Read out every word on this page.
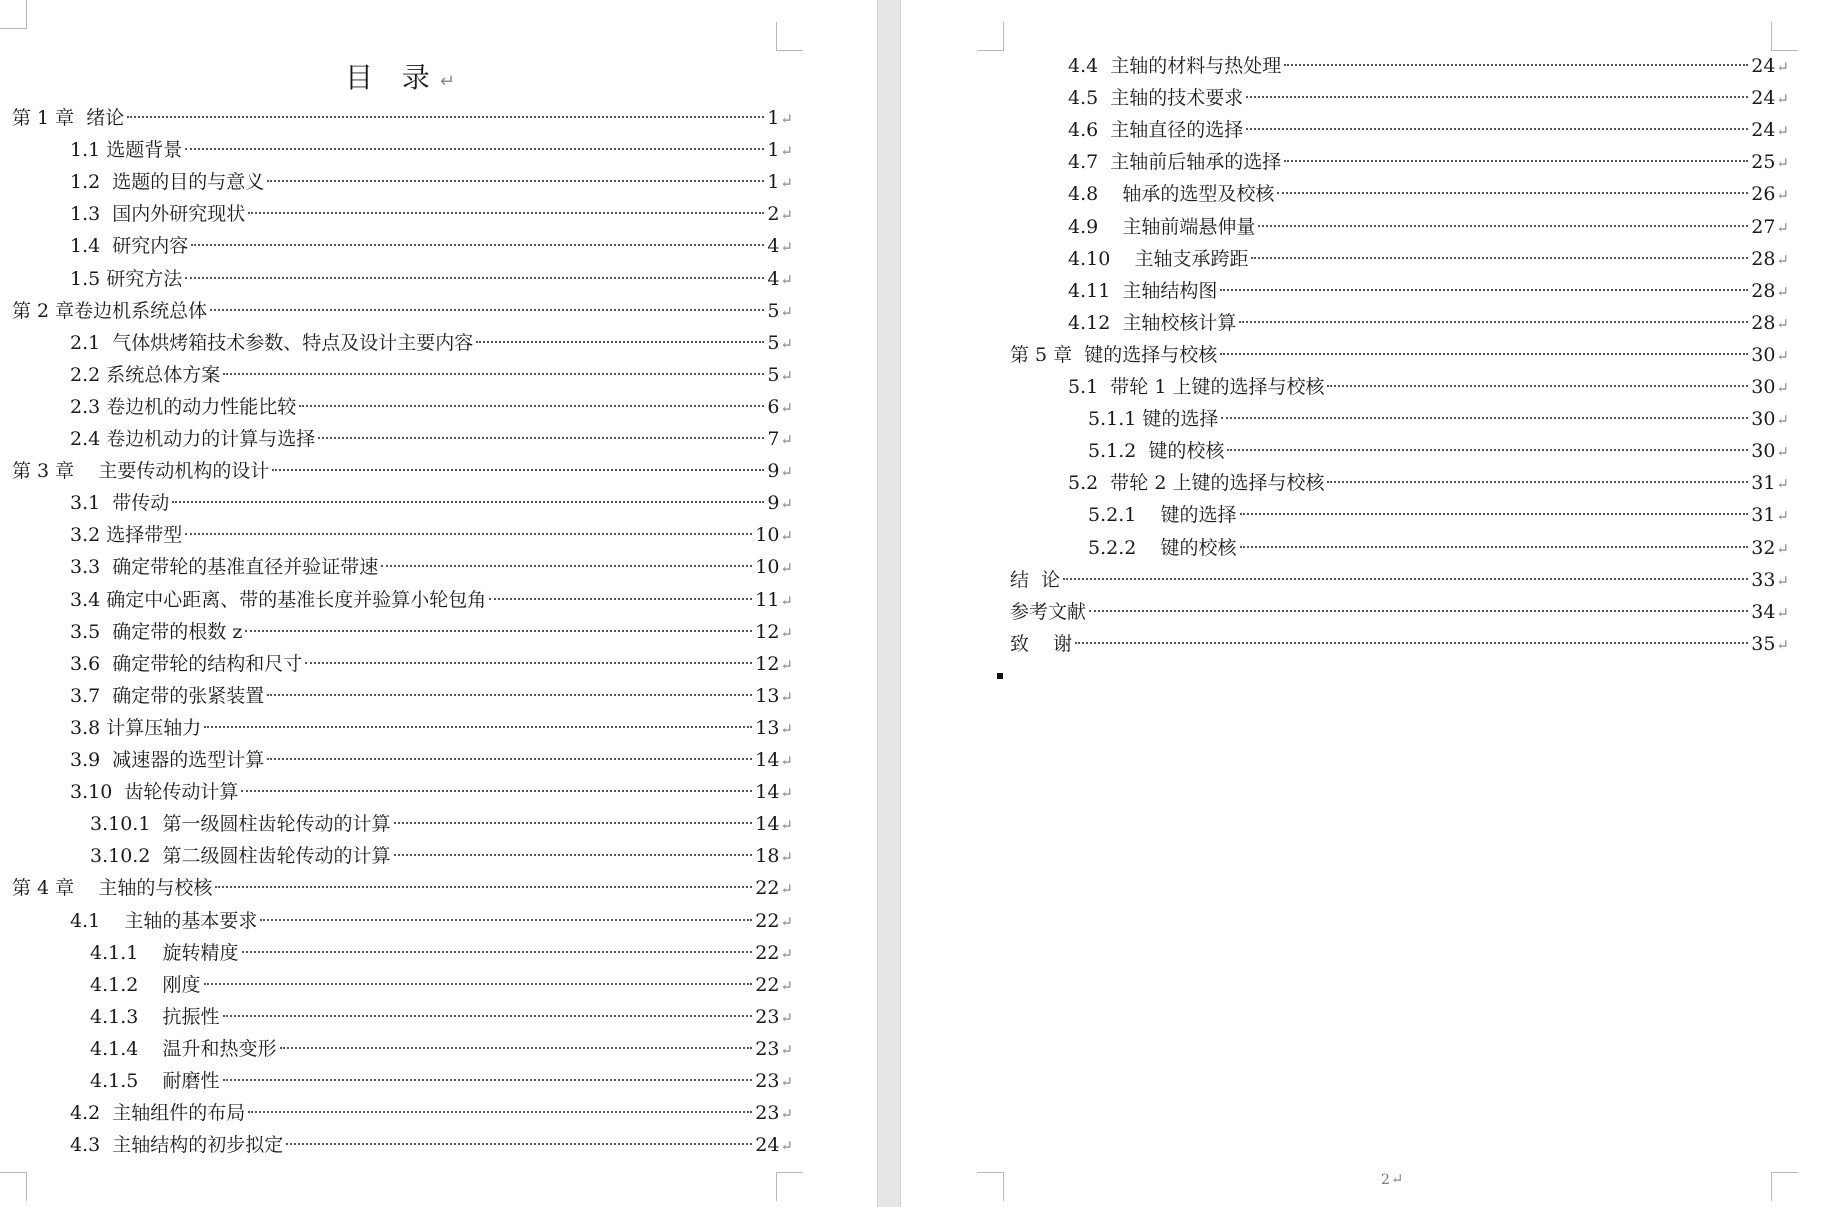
目 录↵
第 1 章  绪论	1 ↵
1.1 选题背景	1 ↵
1.2  选题的目的与意义	1 ↵
1.3  国内外研究现状	2 ↵
1.4  研究内容	4 ↵
1.5 研究方法	4 ↵
第 2 章卷边机系统总体	5 ↵
2.1  气体烘烤箱技术参数、特点及设计主要内容	5 ↵
2.2 系统总体方案	5 ↵
2.3 卷边机的动力性能比较	6 ↵
2.4 卷边机动力的计算与选择	7 ↵
第 3 章    主要传动机构的设计	9 ↵
3.1  带传动	9 ↵
3.2 选择带型	10 ↵
3.3  确定带轮的基准直径并验证带速	10 ↵
3.4 确定中心距离、带的基准长度并验算小轮包角	11 ↵
3.5  确定带的根数 z	12 ↵
3.6  确定带轮的结构和尺寸	12 ↵
3.7  确定带的张紧装置	13 ↵
3.8 计算压轴力	13 ↵
3.9  减速器的选型计算	14 ↵
3.10  齿轮传动计算	14 ↵
3.10.1  第一级圆柱齿轮传动的计算	14 ↵
3.10.2  第二级圆柱齿轮传动的计算	18 ↵
第 4 章    主轴的与校核	22 ↵
4.1    主轴的基本要求	22 ↵
4.1.1    旋转精度	22 ↵
4.1.2    刚度	22 ↵
4.1.3    抗振性	23 ↵
4.1.4    温升和热变形	23 ↵
4.1.5    耐磨性	23 ↵
4.2  主轴组件的布局	23 ↵
4.3  主轴结构的初步拟定	24 ↵
4.4  主轴的材料与热处理	24 ↵
4.5  主轴的技术要求	24 ↵
4.6  主轴直径的选择	24 ↵
4.7  主轴前后轴承的选择	25 ↵
4.8    轴承的选型及校核	26 ↵
4.9    主轴前端悬伸量	27 ↵
4.10    主轴支承跨距	28 ↵
4.11  主轴结构图	28 ↵
4.12  主轴校核计算	28 ↵
第 5 章  键的选择与校核	30 ↵
5.1  带轮 1 上键的选择与校核	30 ↵
5.1.1 键的选择	30 ↵
5.1.2  键的校核	30 ↵
5.2  带轮 2 上键的选择与校核	31 ↵
5.2.1    键的选择	31 ↵
5.2.2    键的校核	32 ↵
结  论	33 ↵
参考文献	34 ↵
致    谢	35 ↵
2↵
